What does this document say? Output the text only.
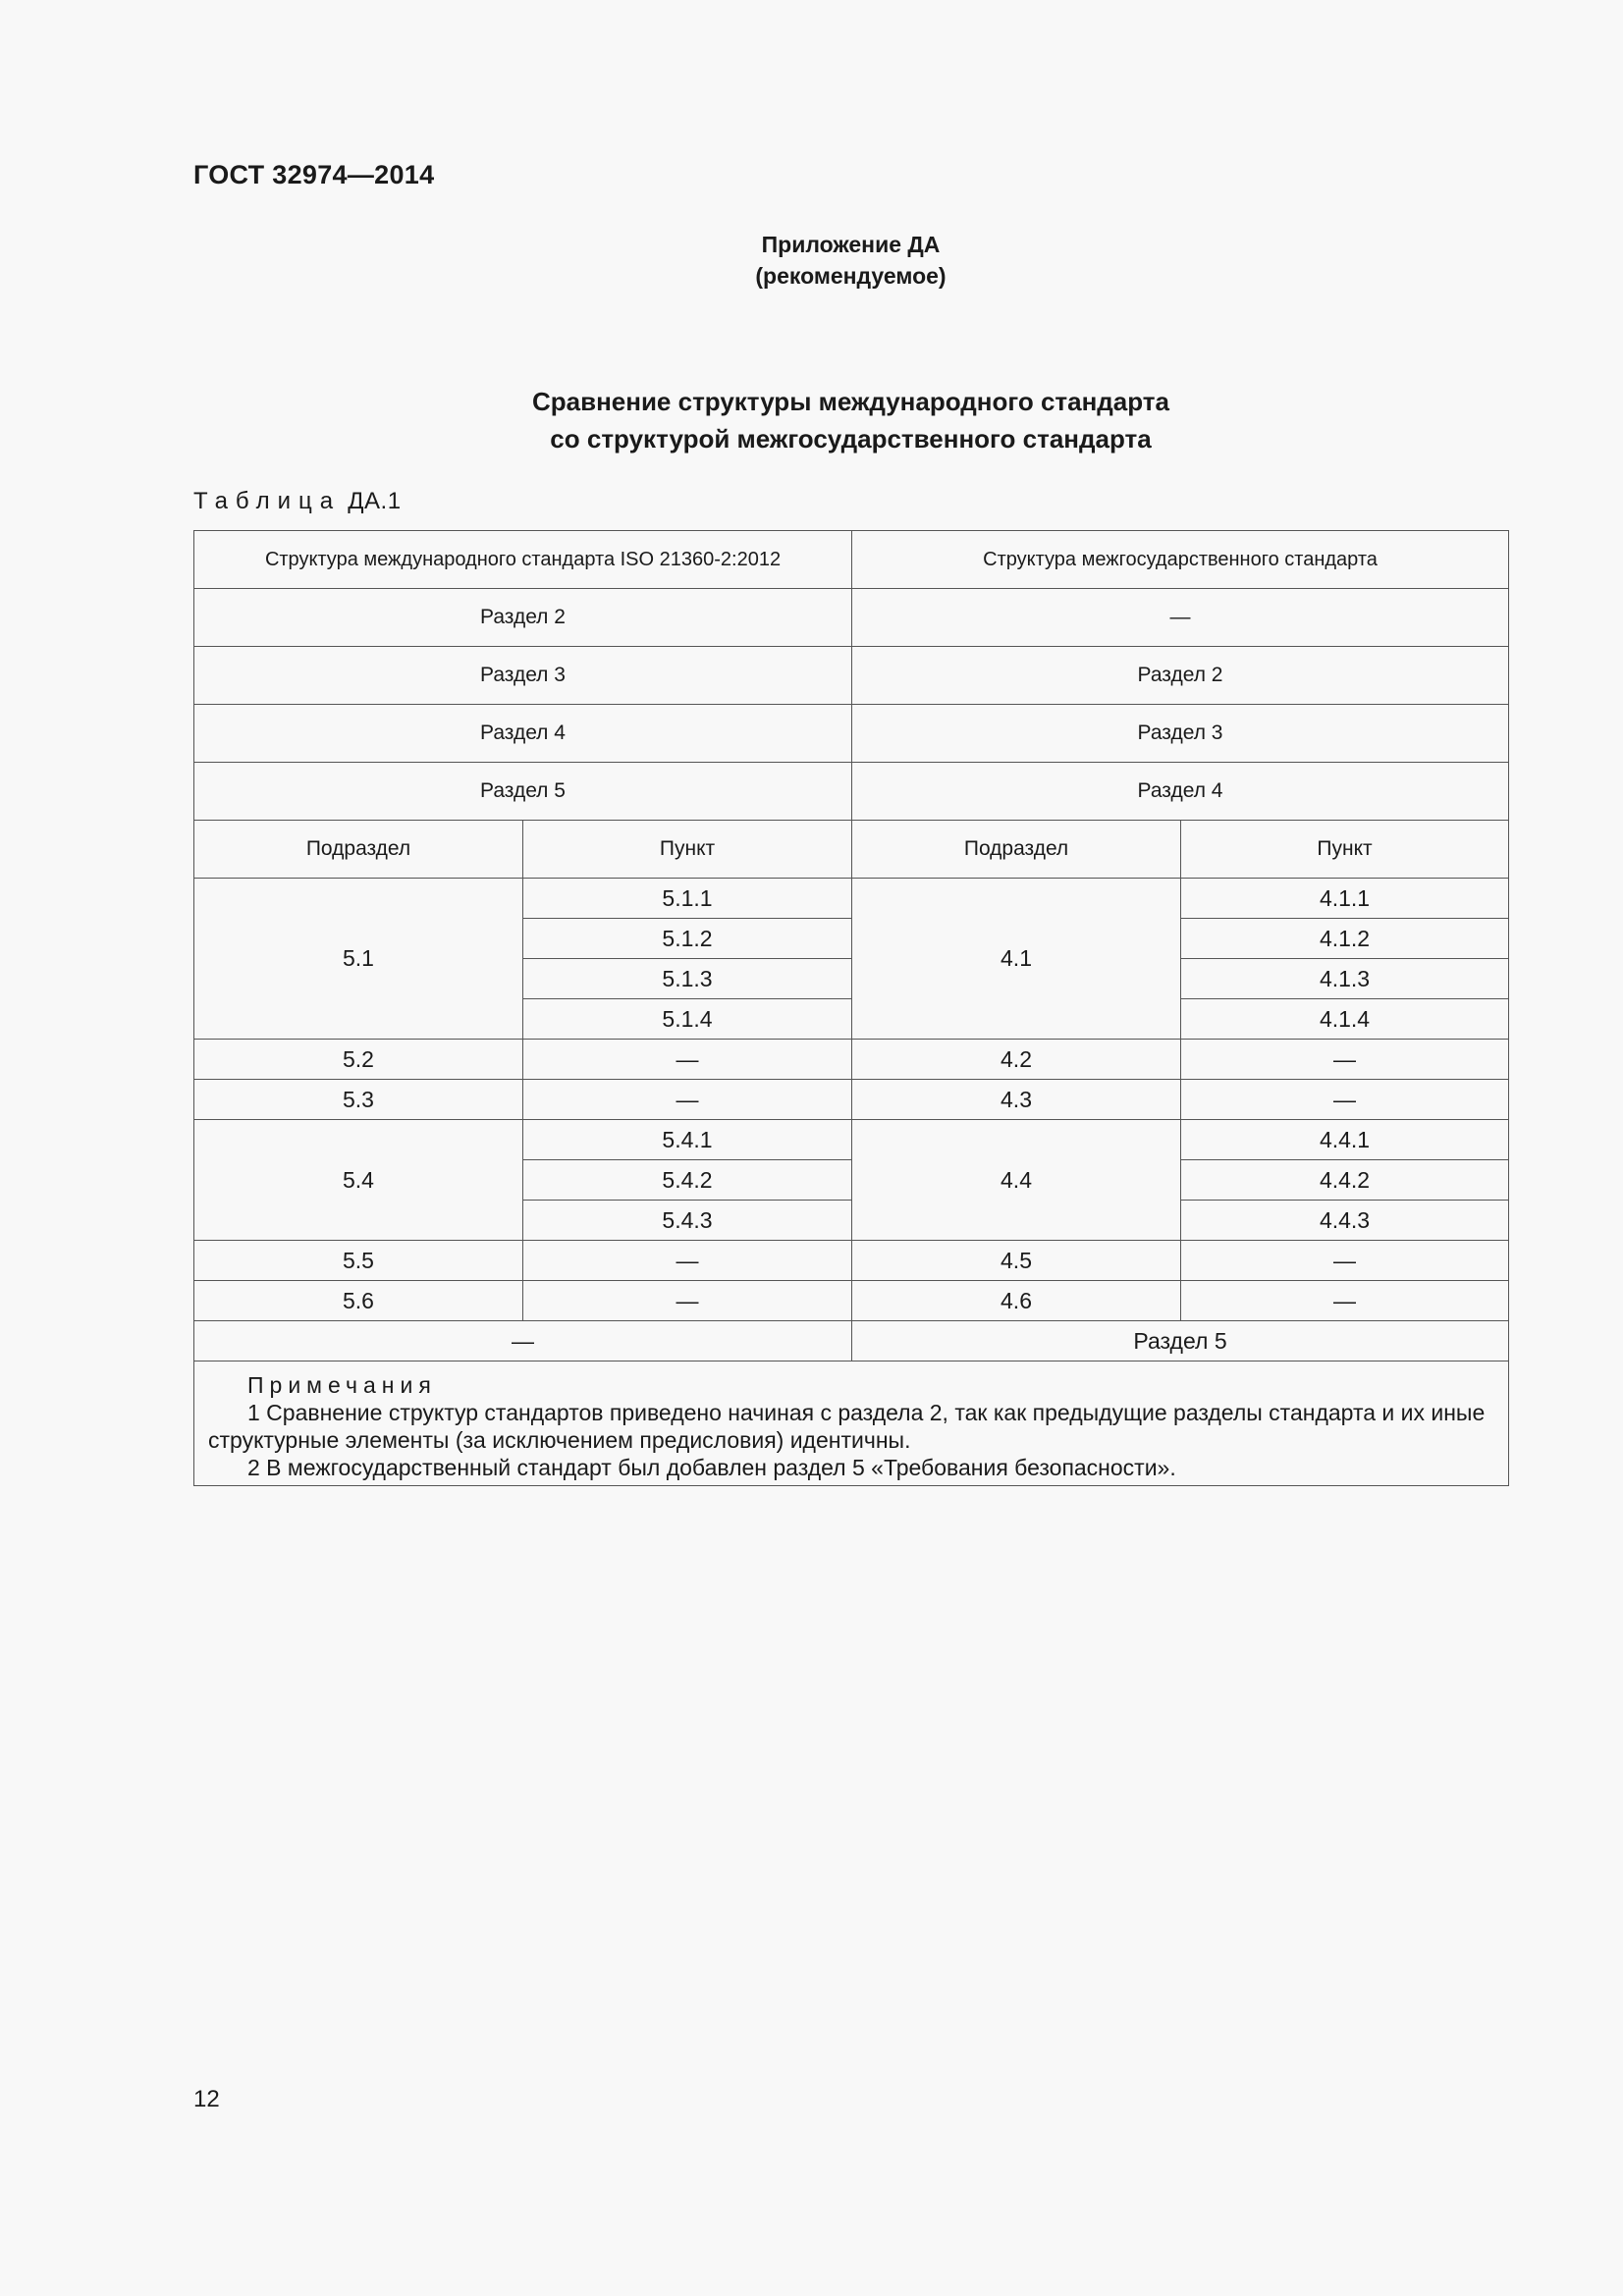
ГОСТ 32974—2014
Приложение ДА
(рекомендуемое)
Сравнение структуры международного стандарта
со структурой межгосударственного стандарта
Таблица ДА.1
Структура международного стандарта ISO 21360-2:2012		Структура межгосударственного стандарта	
Раздел 2		—	
Раздел 3		Раздел 2	
Раздел 4		Раздел 3	
Раздел 5		Раздел 4	
Подраздел	Пункт	Подраздел	Пункт
5.1	5.1.1	4.1	4.1.1
	5.1.2		4.1.2
	5.1.3		4.1.3
	5.1.4		4.1.4
5.2	—	4.2	—
5.3	—	4.3	—
5.4	5.4.1	4.4	4.4.1
	5.4.2		4.4.2
	5.4.3		4.4.3
5.5	—	4.5	—
5.6	—	4.6	—
—		Раздел 5	

Примечания
1 Сравнение структур стандартов приведено начиная с раздела 2, так как предыдущие разделы стандарта и их иные структурные элементы (за исключением предисловия) идентичны.
2 В межгосударственный стандарт был добавлен раздел 5 «Требования безопасности».			
12
